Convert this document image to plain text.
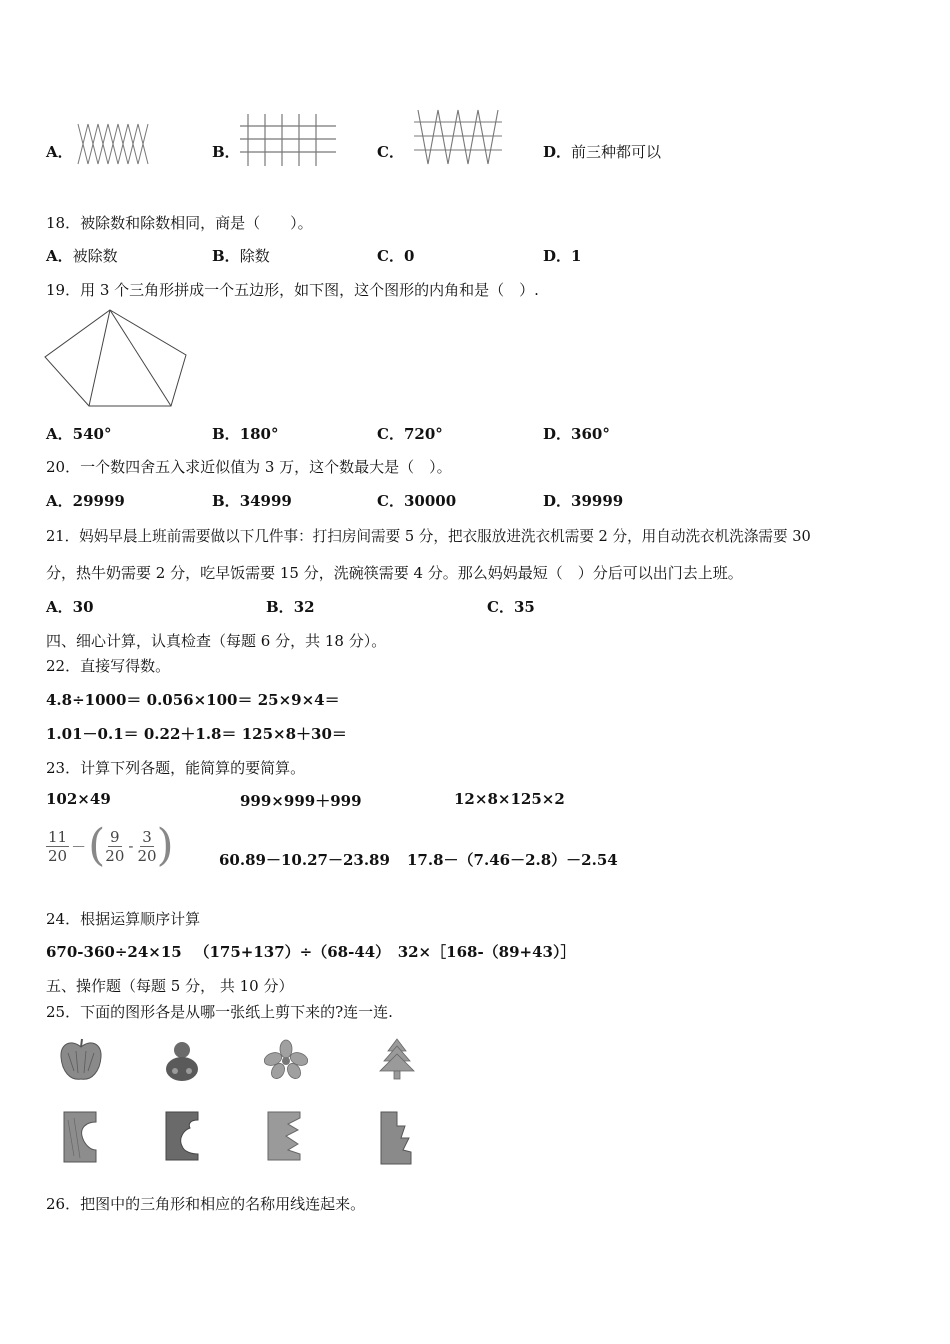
A．	B．	C．	D．前三种都可以
18．被除数和除数相同，商是（　　）。
A．被除数	B．除数	C．0	D．1
19．用 3 个三角形拼成一个五边形，如下图，这个图形的内角和是（　）.
A．540°	B．180°	C．720°	D．360°
20．一个数四舍五入求近似值为 3 万，这个数最大是（　）。
A．29999	B．34999	C．30000	D．39999
21．妈妈早晨上班前需要做以下几件事：打扫房间需要 5 分，把衣服放进洗衣机需要 2 分，用自动洗衣机洗涤需要 30
分，热牛奶需要 2 分，吃早饭需要 15 分，洗碗筷需要 4 分。那么妈妈最短（　）分后可以出门去上班。
A．30	B．32	C．35
四、细心计算，认真检查（每题 6 分，共 18 分）。
22．直接写得数。
4.8÷1000＝ 0.056×100＝ 25×9×4＝
1.01－0.1＝ 0.22＋1.8＝ 125×8＋30＝
23．计算下列各题，能简算的要简算。
102×49	999×999＋999	12×8×125×2
$\frac{11}{20}$ － ( $\frac{9}{20} - \frac{3}{20}$ )	60.89－10.27－23.89 17.8－（7.46－2.8）－2.54
24．根据运算顺序计算
670-360÷24×15 　（175+137）÷（68-44）　32×［168-（89+43）］
五、操作题（每题 5 分， 共 10 分）
25．下面的图形各是从哪一张纸上剪下来的?连一连.
26．把图中的三角形和相应的名称用线连起来。
